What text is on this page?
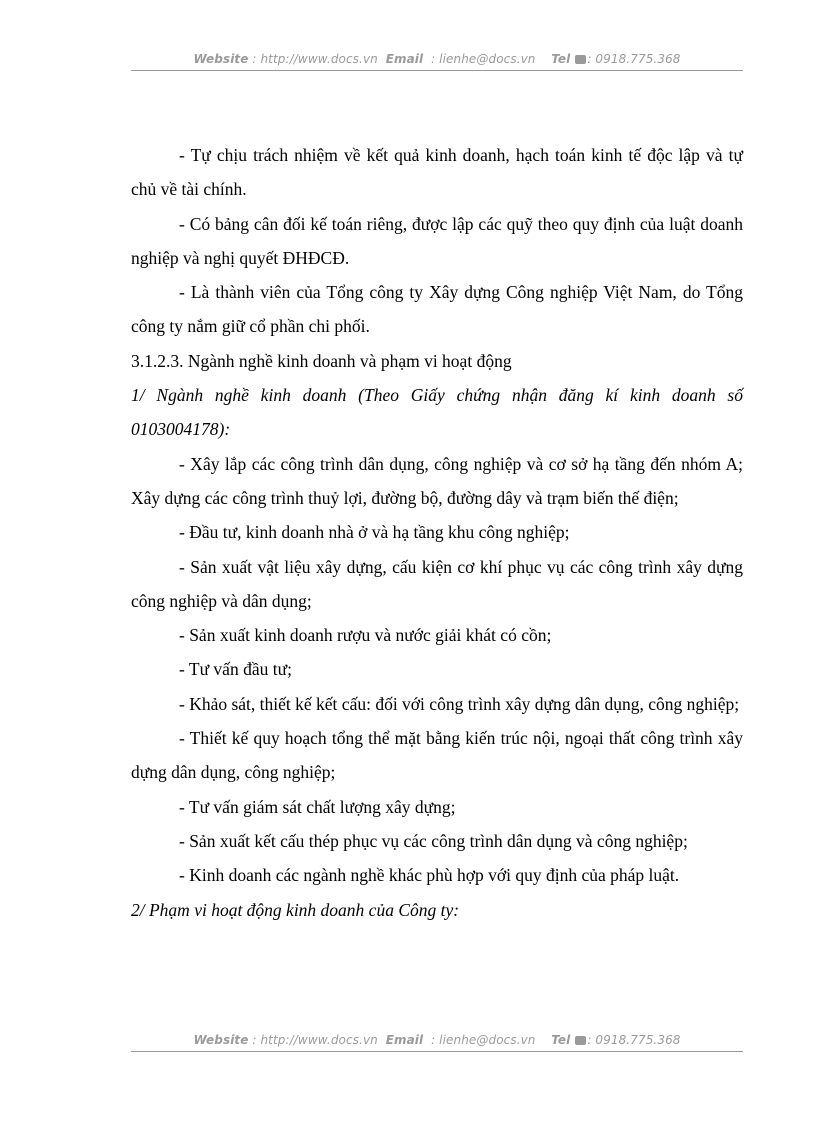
Website : http://www.docs.vn Email : lienhe@docs.vn Tel : 0918.775.368

- Tự chịu trách nhiệm về kết quả kinh doanh, hạch toán kinh tế độc lập và tự chủ về tài chính.

- Có bảng cân đối kế toán riêng, được lập các quỹ theo quy định của luật doanh nghiệp và nghị quyết ĐHĐCĐ.

- Là thành viên của Tổng công ty Xây dựng Công nghiệp Việt Nam, do Tổng công ty nắm giữ cổ phần chi phối.

3.1.2.3. Ngành nghề kinh doanh và phạm vi hoạt động

1/ Ngành nghề kinh doanh (Theo Giấy chứng nhận đăng kí kinh doanh số 0103004178):

- Xây lắp các công trình dân dụng, công nghiệp và cơ sở hạ tầng đến nhóm A; Xây dựng các công trình thuỷ lợi, đường bộ, đường dây và trạm biến thế điện;

- Đầu tư, kinh doanh nhà ở và hạ tầng khu công nghiệp;

- Sản xuất vật liệu xây dựng, cấu kiện cơ khí phục vụ các công trình xây dựng công nghiệp và dân dụng;

- Sản xuất kinh doanh rượu và nước giải khát có cồn;

- Tư vấn đầu tư;

- Khảo sát, thiết kế kết cấu: đối với công trình xây dựng dân dụng, công nghiệp;

- Thiết kế quy hoạch tổng thể mặt bằng kiến trúc nội, ngoại thất công trình xây dựng dân dụng, công nghiệp;

- Tư vấn giám sát chất lượng xây dựng;

- Sản xuất kết cấu thép phục vụ các công trình dân dụng và công nghiệp;

- Kinh doanh các ngành nghề khác phù hợp với quy định của pháp luật.

2/ Phạm vi hoạt động kinh doanh của Công ty:

Website : http://www.docs.vn Email : lienhe@docs.vn Tel : 0918.775.368
